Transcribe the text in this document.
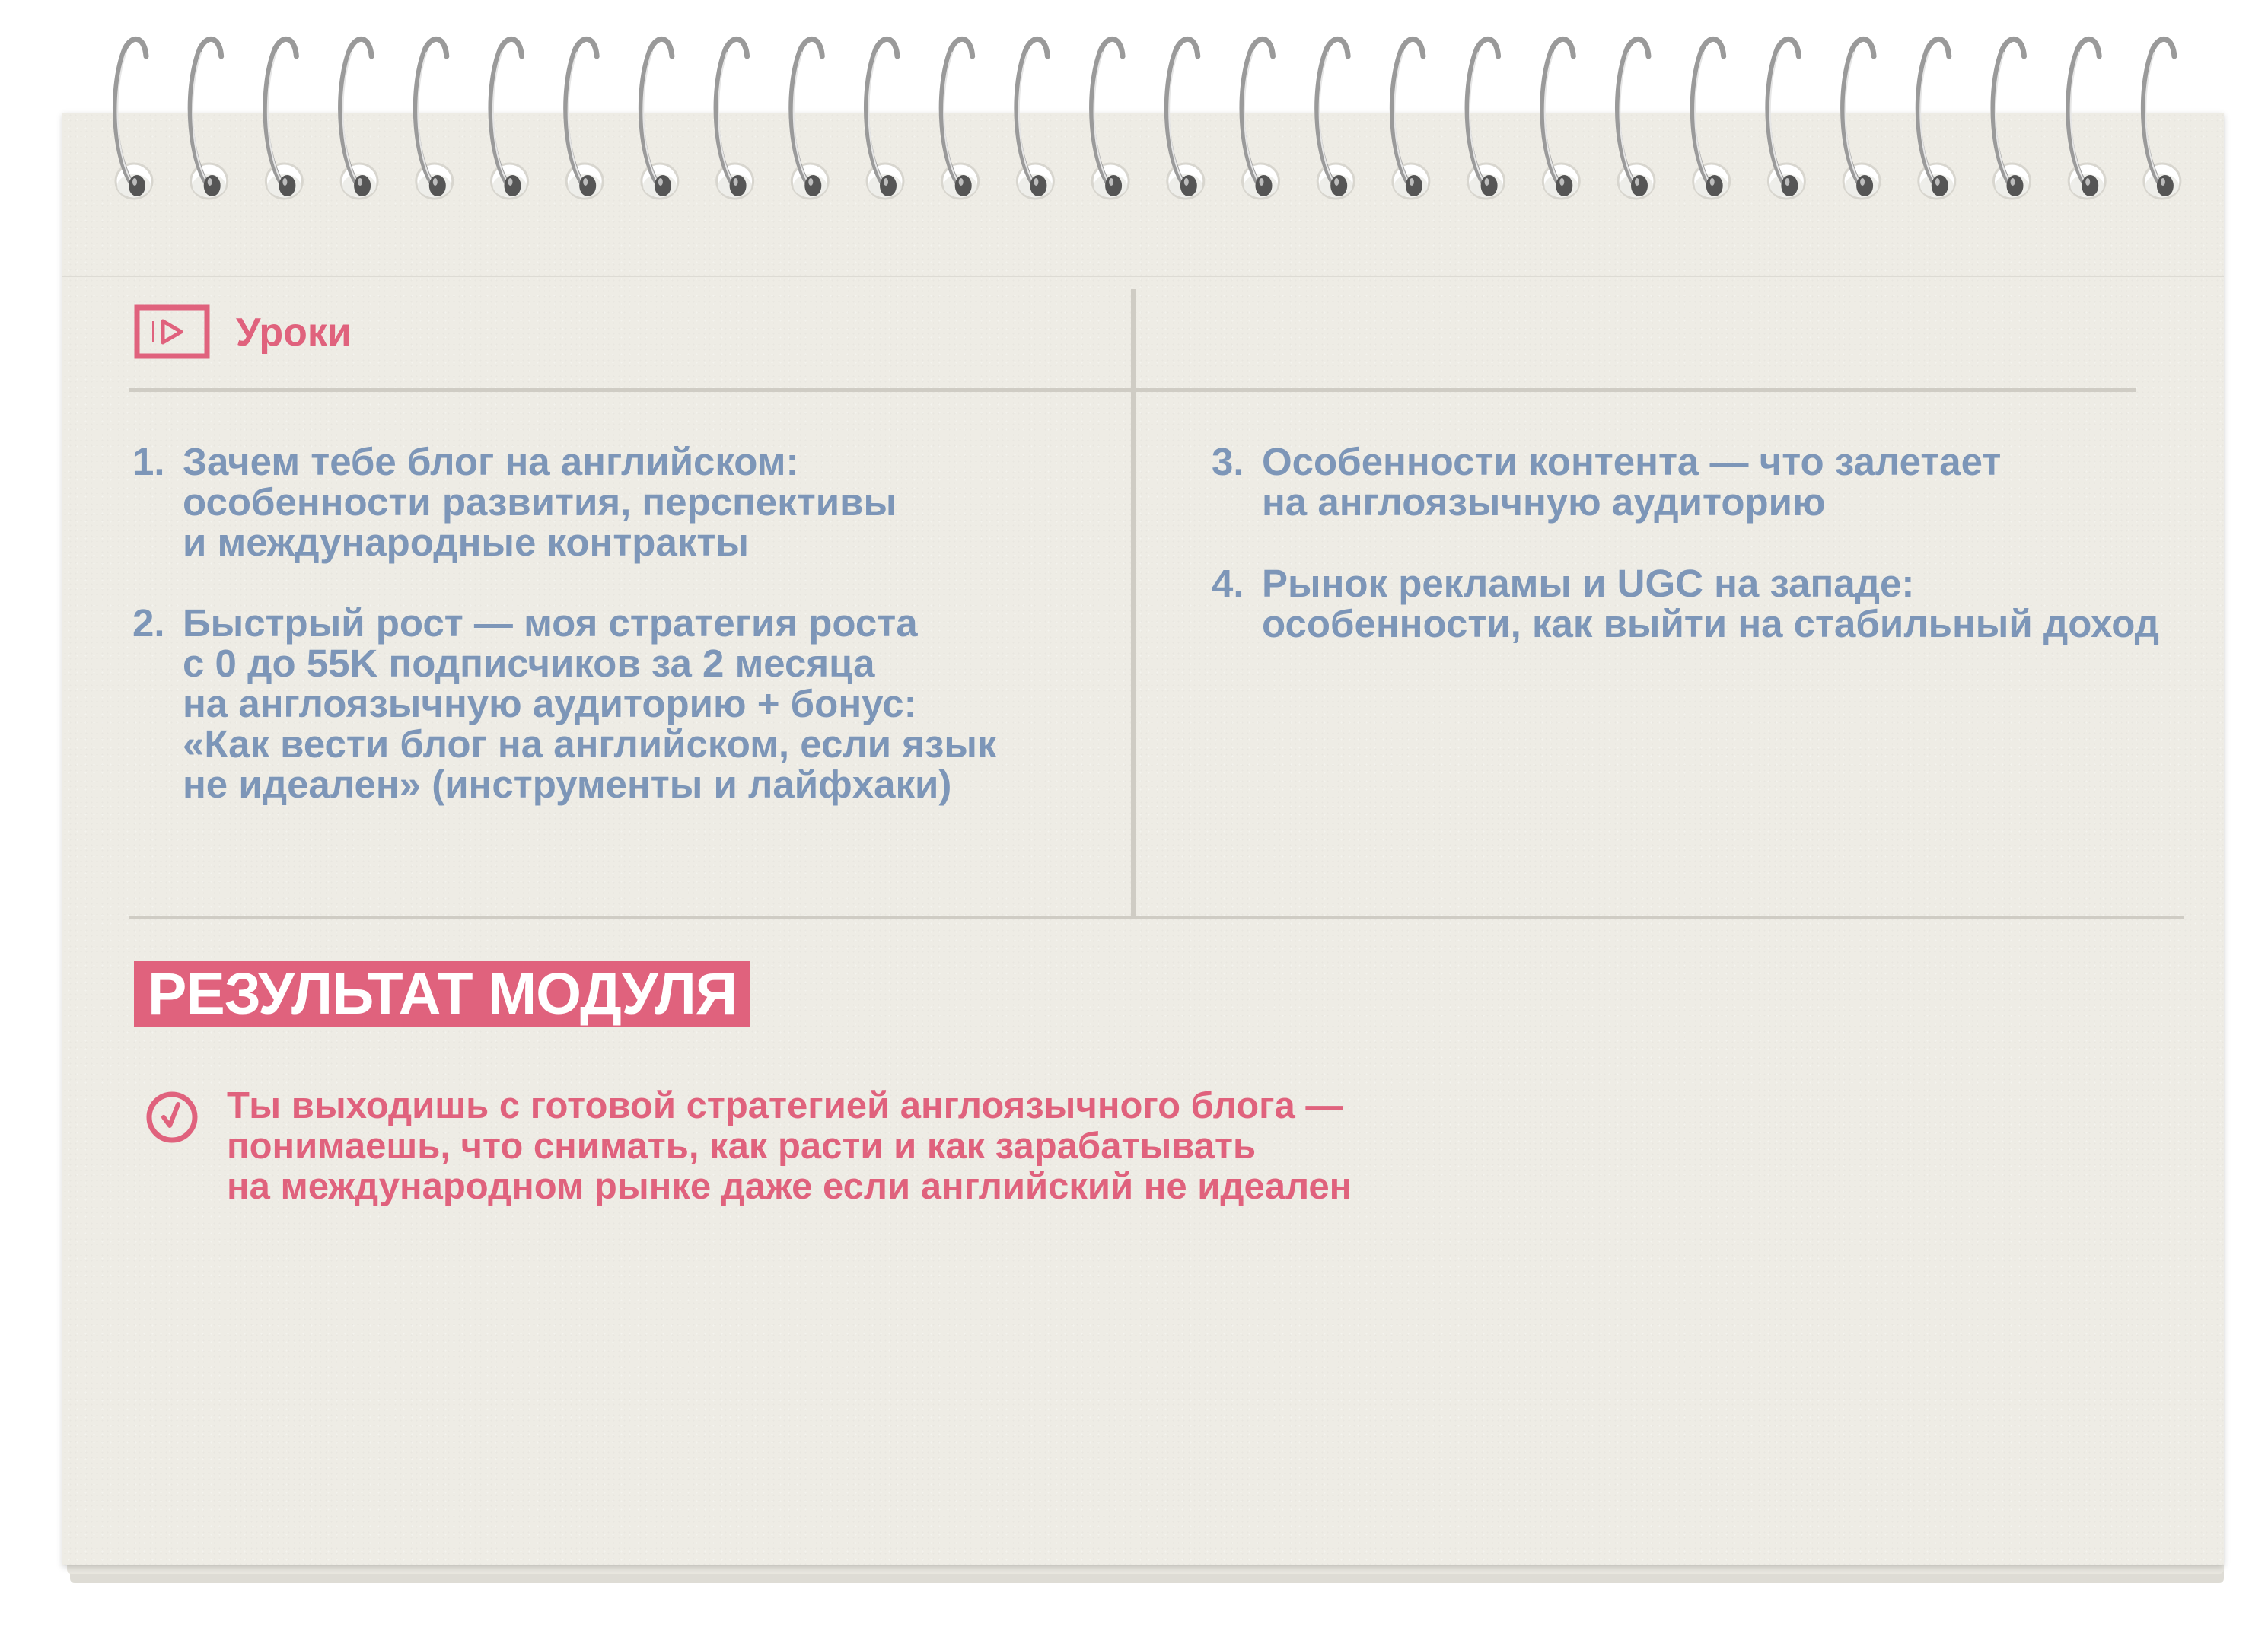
Уроки
1. Зачем тебе блог на английском:
особенности развития, перспективы
и международные контракты
2. Быстрый рост — моя стратегия роста
с 0 до 55K подписчиков за 2 месяца
на англоязычную аудиторию + бонус:
«Как вести блог на английском, если язык
не идеален» (инструменты и лайфхаки)
3. Особенности контента — что залетает
на англоязычную аудиторию
4. Рынок рекламы и UGC на западе:
особенности, как выйти на стабильный доход
РЕЗУЛЬТАТ МОДУЛЯ
Ты выходишь с готовой стратегией англоязычного блога —
понимаешь, что снимать, как расти и как зарабатывать
на международном рынке даже если английский не идеален
